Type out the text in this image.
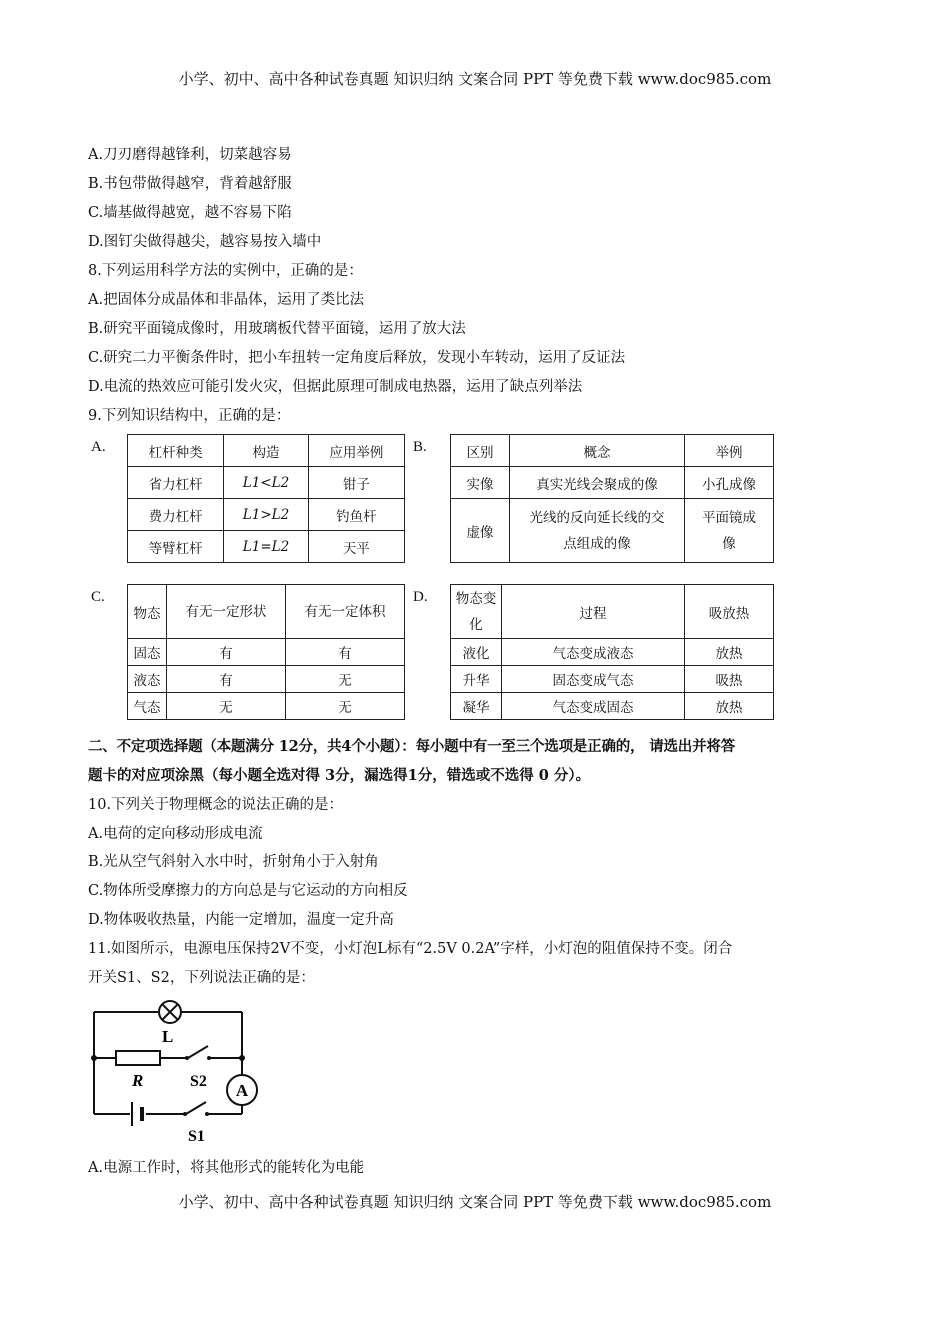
小学、初中、高中各种试卷真题 知识归纳 文案合同 PPT 等免费下载 www.doc985.com
A.刀刃磨得越锋利，切菜越容易
B.书包带做得越窄，背着越舒服
C.墙基做得越宽，越不容易下陷
D.图钉尖做得越尖，越容易按入墙中
8.下列运用科学方法的实例中，正确的是：
A.把固体分成晶体和非晶体，运用了类比法
B.研究平面镜成像时，用玻璃板代替平面镜，运用了放大法
C.研究二力平衡条件时，把小车扭转一定角度后释放，发现小车转动，运用了反证法
D.电流的热效应可能引发火灾，但据此原理可制成电热器，运用了缺点列举法
9.下列知识结构中，正确的是：
A.	杠杆种类	构造	应用举例
省力杠杆	L1<L2	钳子
费力杠杆	L1>L2	钓鱼杆
等臂杠杆	L1=L2	天平
B.	区别	概念	举例
实像	真实光线会聚成的像	小孔成像
虚像	光线的反向延长线的交点组成的像	平面镜成像
C.
物态	有无一定形状	有无一定体积
固态	有	有
液态	有	无
气态	无	无
D. 物态变化	过程	吸放热
液化	气态变成液态	放热
升华	固态变成气态	吸热
凝华	气态变成固态	放热
二、不定项选择题（本题满分 12分，共4个小题）：每小题中有一至三个选项是正确的， 请选出并将答
题卡的对应项涂黑（每小题全选对得 3分，漏选得1分，错选或不选得 0 分）。
10.下列关于物理概念的说法正确的是：
A.电荷的定向移动形成电流
B.光从空气斜射入水中时，折射角小于入射角
C.物体所受摩擦力的方向总是与它运动的方向相反
D.物体吸收热量，内能一定增加，温度一定升高
11.如图所示，电源电压保持2V不变，小灯泡L标有“2.5V 0.2A”字样，小灯泡的阻值保持不变。闭合
开关S1、S2，下列说法正确的是：
A
L
R	S2
S1
A.电源工作时，将其他形式的能转化为电能
小学、初中、高中各种试卷真题 知识归纳 文案合同 PPT 等免费下载 www.doc985.com
